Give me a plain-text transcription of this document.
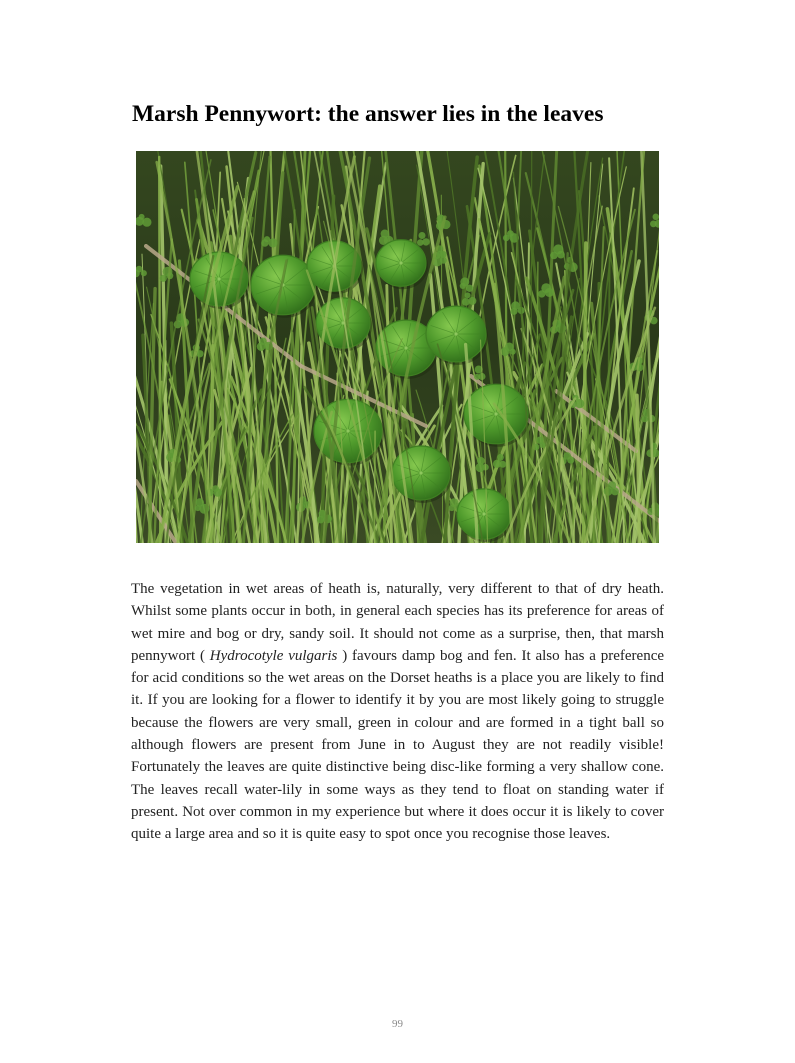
Marsh Pennywort: the answer lies in the leaves

The vegetation in wet areas of heath is, naturally, very different to that of dry heath. Whilst some plants occur in both, in general each species has its preference for areas of wet mire and bog or dry, sandy soil. It should not come as a surprise, then, that marsh pennywort ( Hydrocotyle vulgaris ) favours damp bog and fen. It also has a preference for acid conditions so the wet areas on the Dorset heaths is a place you are likely to find it. If you are looking for a flower to identify it by you are most likely going to struggle because the flowers are very small, green in colour and are formed in a tight ball so although flowers are present from June in to August they are not readily visible! Fortunately the leaves are quite distinctive being disc-like forming a very shallow cone. The leaves recall water-lily in some ways as they tend to float on standing water if present. Not over common in my experience but where it does occur it is likely to cover quite a large area and so it is quite easy to spot once you recognise those leaves.

99
